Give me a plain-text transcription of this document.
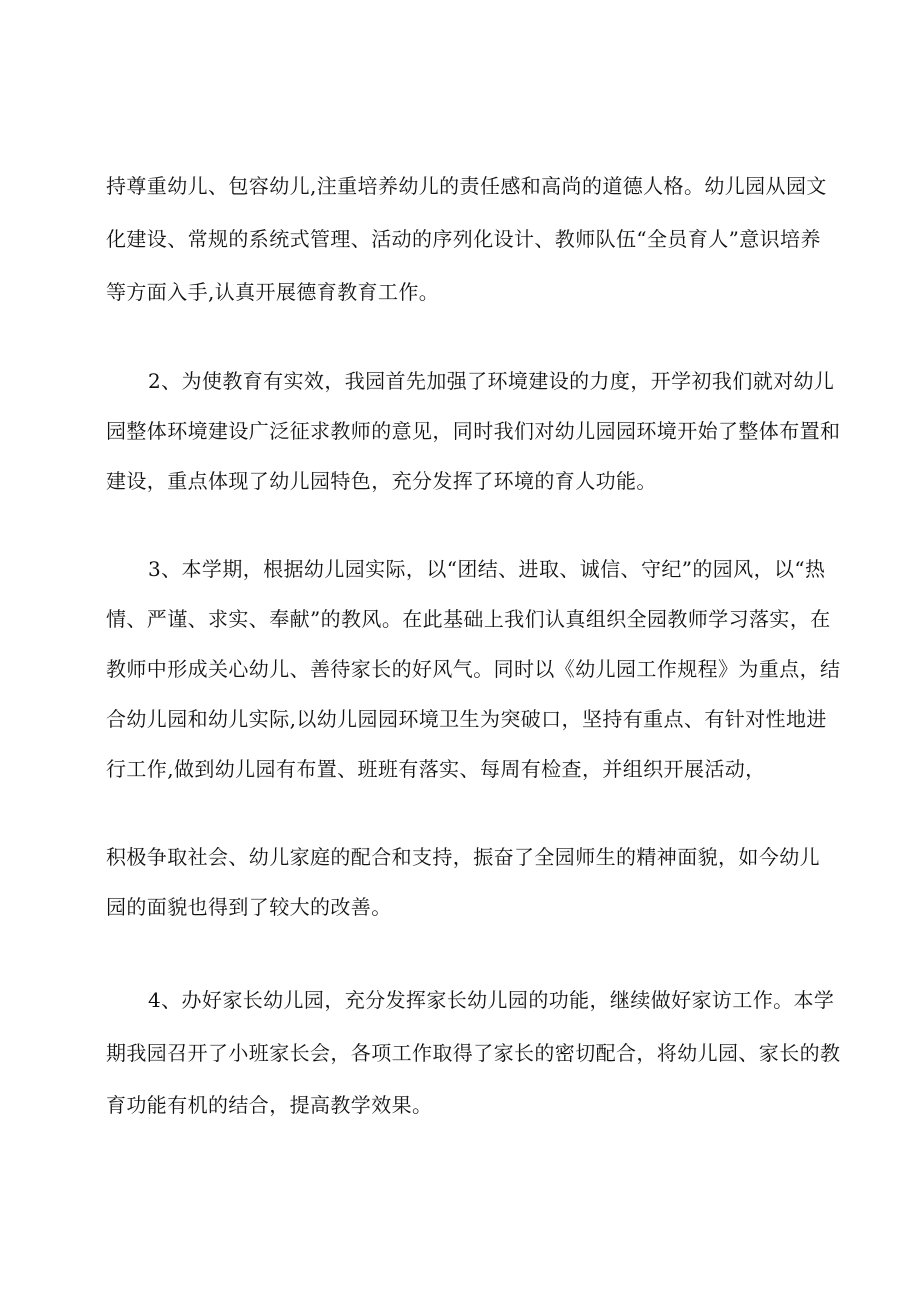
持尊重幼儿、包容幼儿,注重培养幼儿的责任感和高尚的道德人格。幼儿园从园文
化建设、常规的系统式管理、活动的序列化设计、教师队伍“全员育人”意识培养
等方面入手,认真开展德育教育工作。
2、为使教育有实效，我园首先加强了环境建设的力度，开学初我们就对幼儿
园整体环境建设广泛征求教师的意见，同时我们对幼儿园园环境开始了整体布置和
建设，重点体现了幼儿园特色，充分发挥了环境的育人功能。
3、本学期，根据幼儿园实际，以“团结、进取、诚信、守纪”的园风，以“热
情、严谨、求实、奉献”的教风。在此基础上我们认真组织全园教师学习落实，在
教师中形成关心幼儿、善待家长的好风气。同时以《幼儿园工作规程》为重点，结
合幼儿园和幼儿实际,以幼儿园园环境卫生为突破口，坚持有重点、有针对性地进
行工作,做到幼儿园有布置、班班有落实、每周有检查，并组织开展活动，
积极争取社会、幼儿家庭的配合和支持，振奋了全园师生的精神面貌，如今幼儿
园的面貌也得到了较大的改善。
4、办好家长幼儿园，充分发挥家长幼儿园的功能，继续做好家访工作。本学
期我园召开了小班家长会，各项工作取得了家长的密切配合，将幼儿园、家长的教
育功能有机的结合，提高教学效果。
